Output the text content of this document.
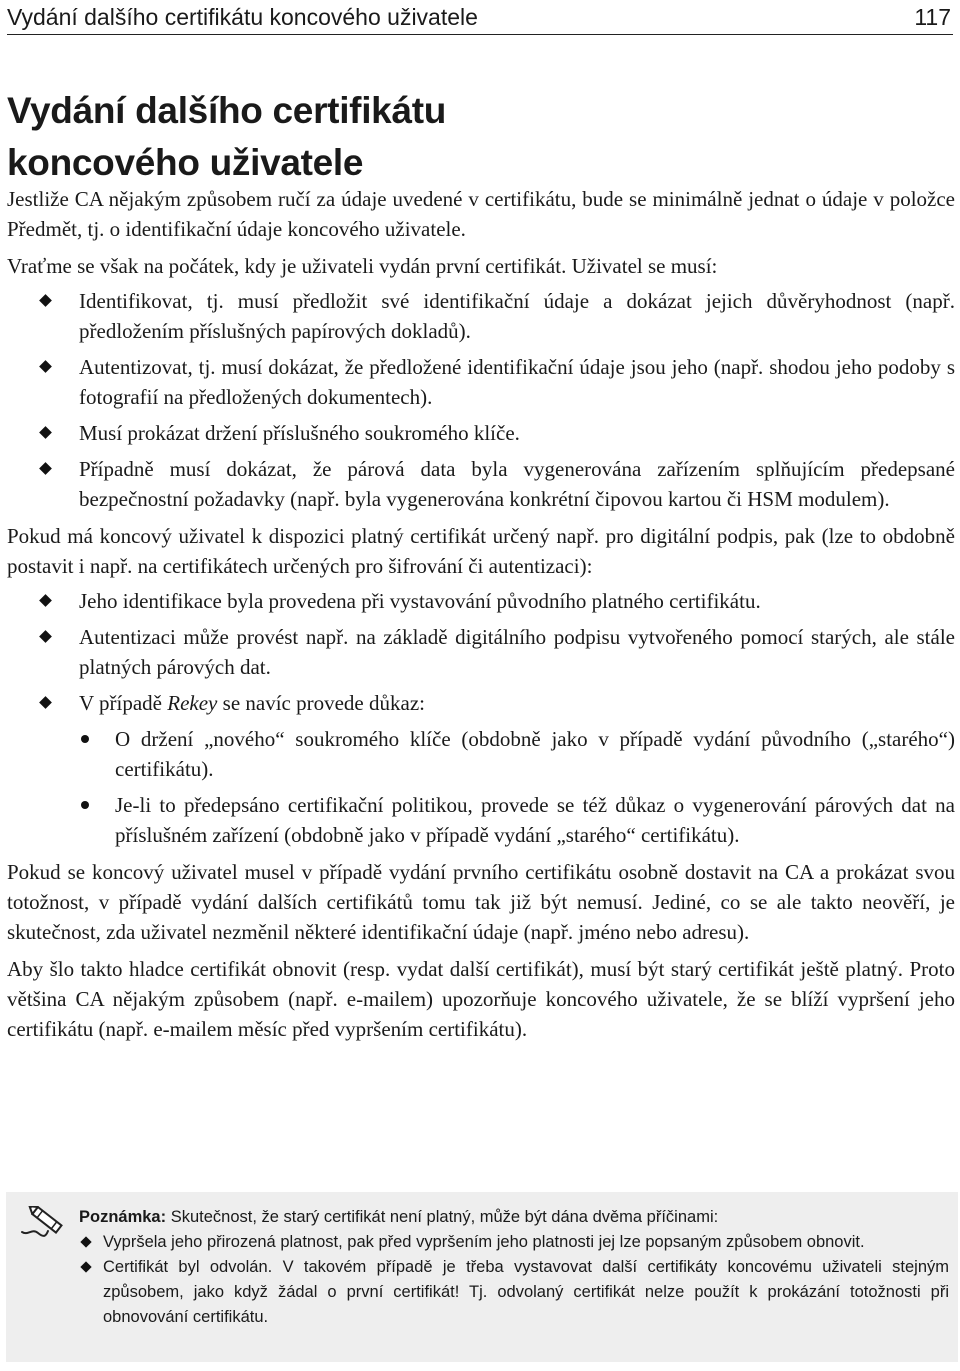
Vydání dalšího certifikátu koncového uživatele	117
Vydání dalšího certifikátu
koncového uživatele

Jestliže CA nějakým způsobem ručí za údaje uvedené v certifikátu, bude se minimálně jednat o údaje v položce Předmět, tj. o identifikační údaje koncového uživatele.

Vraťme se však na počátek, kdy je uživateli vydán první certifikát. Uživatel se musí:

Identifikovat, tj. musí předložit své identifikační údaje a dokázat jejich důvěryhodnost (např. předložením příslušných papírových dokladů).
Autentizovat, tj. musí dokázat, že předložené identifikační údaje jsou jeho (např. shodou jeho podoby s fotografií na předložených dokumentech).
Musí prokázat držení příslušného soukromého klíče.
Případně musí dokázat, že párová data byla vygenerována zařízením splňujícím předepsané bezpečnostní požadavky (např. byla vygenerována konkrétní čipovou kartou či HSM modulem).

Pokud má koncový uživatel k dispozici platný certifikát určený např. pro digitální podpis, pak (lze to obdobně postavit i např. na certifikátech určených pro šifrování či autentizaci):

Jeho identifikace byla provedena při vystavování původního platného certifikátu.
Autentizaci může provést např. na základě digitálního podpisu vytvořeného pomocí starých, ale stále platných párových dat.
V případě Rekey se navíc provede důkaz:
O držení „nového“ soukromého klíče (obdobně jako v případě vydání původního („starého“) certifikátu).
Je-li to předepsáno certifikační politikou, provede se též důkaz o vygenerování párových dat na příslušném zařízení (obdobně jako v případě vydání „starého“ certifikátu).

Pokud se koncový uživatel musel v případě vydání prvního certifikátu osobně dostavit na CA a prokázat svou totožnost, v případě vydání dalších certifikátů tomu tak již být nemusí. Jediné, co se ale takto neověří, je skutečnost, zda uživatel nezměnil některé identifikační údaje (např. jméno nebo adresu).

Aby šlo takto hladce certifikát obnovit (resp. vydat další certifikát), musí být starý certifikát ještě platný. Proto většina CA nějakým způsobem (např. e-mailem) upozorňuje koncového uživatele, že se blíží vypršení jeho certifikátu (např. e-mailem měsíc před vypršením certifikátu).

Poznámka: Skutečnost, že starý certifikát není platný, může být dána dvěma příčinami:

Vypršela jeho přirozená platnost, pak před vypršením jeho platnosti jej lze popsaným způsobem obnovit.
Certifikát byl odvolán. V takovém případě je třeba vystavovat další certifikáty koncovému uživateli stejným způsobem, jako když žádal o první certifikát! Tj. odvolaný certifikát nelze použít k prokázání totožnosti při obnovování certifikátu.
